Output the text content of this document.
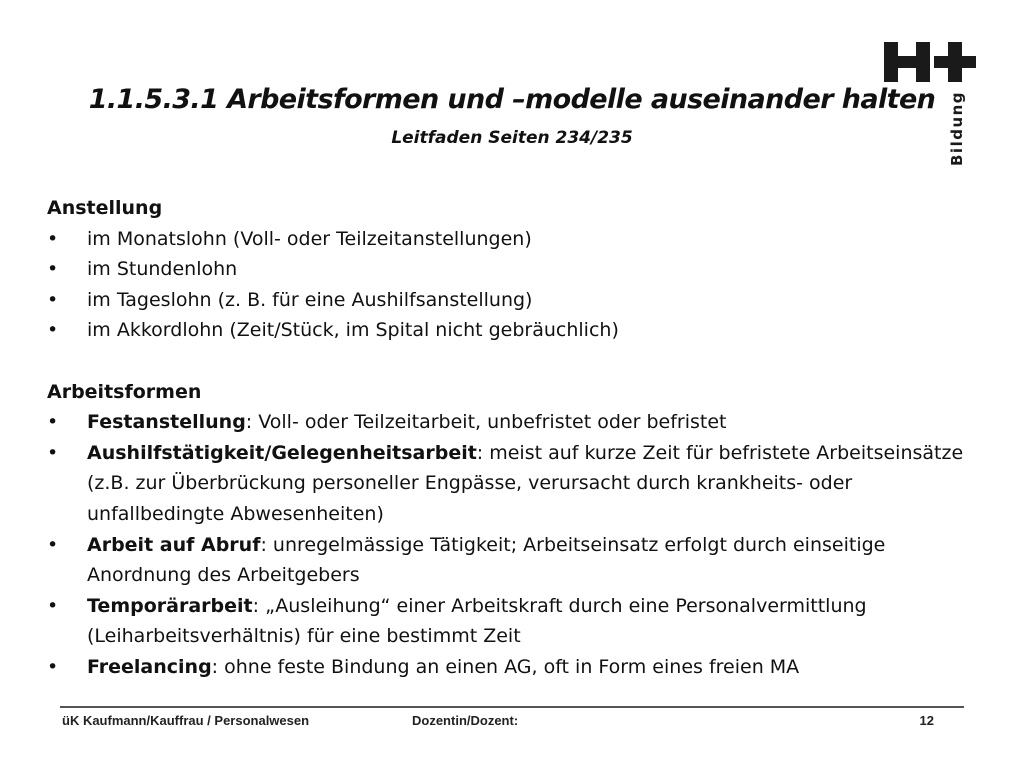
Bildung
1.1.5.3.1 Arbeitsformen und –modelle auseinander halten
Leitfaden Seiten 234/235
Anstellung
• im Monatslohn (Voll- oder Teilzeitanstellungen)
• im Stundenlohn
• im Tageslohn (z. B. für eine Aushilfsanstellung)
• im Akkordlohn (Zeit/Stück, im Spital nicht gebräuchlich)
Arbeitsformen
• Festanstellung: Voll- oder Teilzeitarbeit, unbefristet oder befristet
• Aushilfstätigkeit/Gelegenheitsarbeit: meist auf kurze Zeit für befristete Arbeitseinsätze (z.B. zur Überbrückung personeller Engpässe, verursacht durch krankheits- oder unfallbedingte Abwesenheiten)
• Arbeit auf Abruf: unregelmässige Tätigkeit; Arbeitseinsatz erfolgt durch einseitige Anordnung des Arbeitgebers
• Temporärarbeit: „Ausleihung“ einer Arbeitskraft durch eine Personalvermittlung (Leiharbeitsverhältnis) für eine bestimmt Zeit
• Freelancing: ohne feste Bindung an einen AG, oft in Form eines freien MA
üK Kaufmann/Kauffrau / Personalwesen	Dozentin/Dozent:	12
